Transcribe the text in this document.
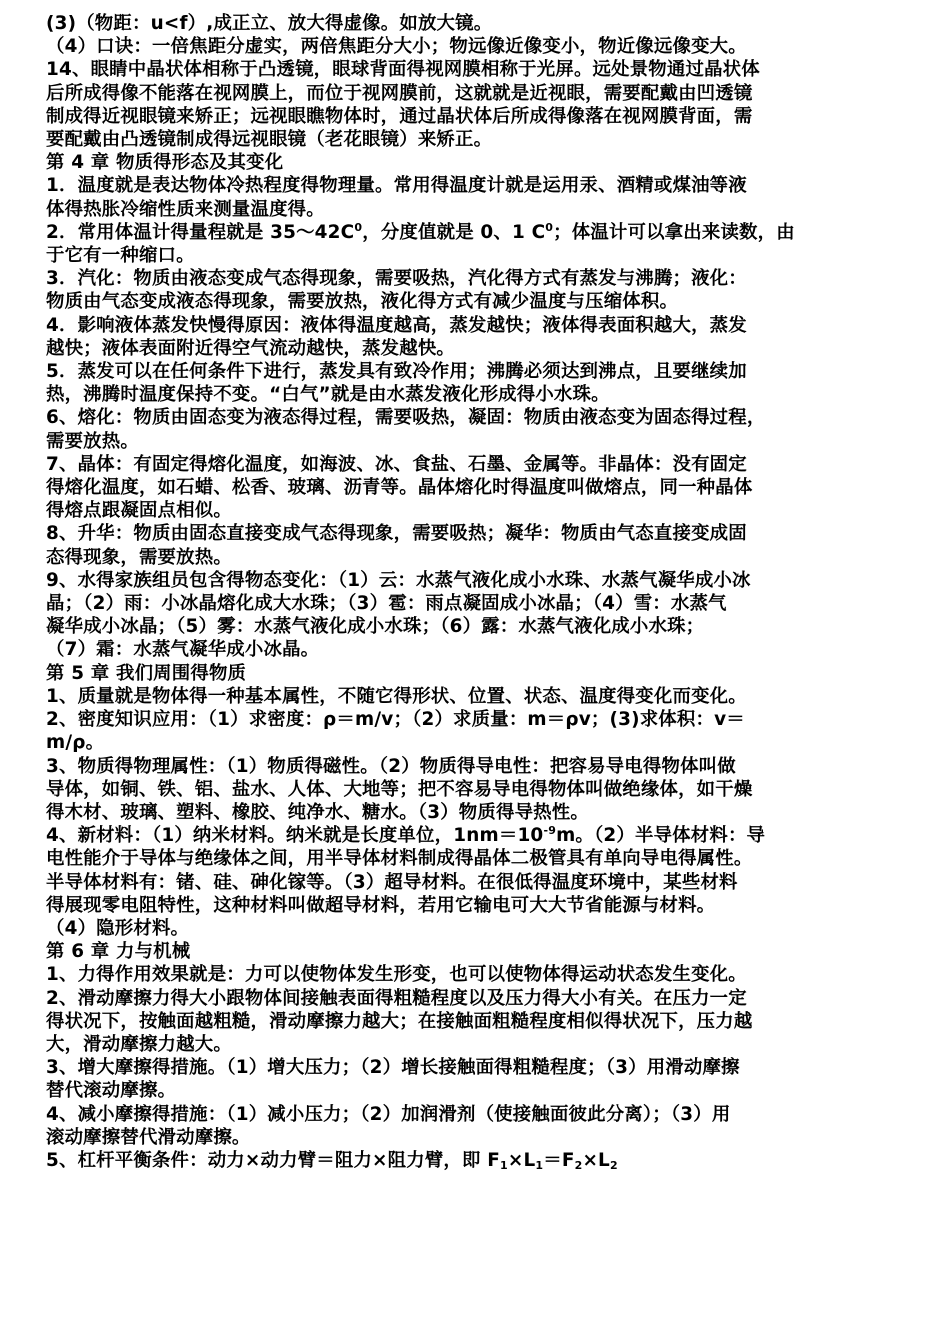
(3)（物距：u<f）,成正立、放大得虚像。如放大镜。
（4）口诀：一倍焦距分虚实，两倍焦距分大小；物远像近像变小，物近像远像变大。
14、眼睛中晶状体相称于凸透镜，眼球背面得视网膜相称于光屏。远处景物通过晶状体
后所成得像不能落在视网膜上，而位于视网膜前，这就就是近视眼，需要配戴由凹透镜
制成得近视眼镜来矫正；远视眼瞧物体时，通过晶状体后所成得像落在视网膜背面，需
要配戴由凸透镜制成得远视眼镜（老花眼镜）来矫正。
第 4 章 物质得形态及其变化
1．温度就是表达物体冷热程度得物理量。常用得温度计就是运用汞、酒精或煤油等液
体得热胀冷缩性质来测量温度得。
2．常用体温计得量程就是 $35\sim 42C^0$，分度值就是 0、1 $C^0$；体温计可以拿出来读数，由
于它有一种缩口。
3．汽化：物质由液态变成气态得现象，需要吸热，汽化得方式有蒸发与沸腾；液化：
物质由气态变成液态得现象，需要放热，液化得方式有减少温度与压缩体积。
4．影响液体蒸发快慢得原因：液体得温度越高，蒸发越快；液体得表面积越大，蒸发
越快；液体表面附近得空气流动越快，蒸发越快。
5．蒸发可以在任何条件下进行，蒸发具有致冷作用；沸腾必须达到沸点，且要继续加
热，沸腾时温度保持不变。“白气”就是由水蒸发液化形成得小水珠。
6、熔化：物质由固态变为液态得过程，需要吸热，凝固：物质由液态变为固态得过程，
需要放热。
7、晶体：有固定得熔化温度，如海波、冰、食盐、石墨、金属等。非晶体：没有固定
得熔化温度，如石蜡、松香、玻璃、沥青等。晶体熔化时得温度叫做熔点，同一种晶体
得熔点跟凝固点相似。
8、升华：物质由固态直接变成气态得现象，需要吸热；凝华：物质由气态直接变成固
态得现象，需要放热。
9、水得家族组员包含得物态变化：（1）云：水蒸气液化成小水珠、水蒸气凝华成小冰
晶；（2）雨：小冰晶熔化成大水珠；（3）雹：雨点凝固成小冰晶；（4）雪：水蒸气
凝华成小冰晶；（5）雾：水蒸气液化成小水珠；（6）露：水蒸气液化成小水珠；
（7）霜：水蒸气凝华成小冰晶。
第 5 章 我们周围得物质
1、质量就是物体得一种基本属性，不随它得形状、位置、状态、温度得变化而变化。
2、密度知识应用：（1）求密度：ρ＝m/v；（2）求质量：m＝ρv；(3)求体积：v＝
m/ρ。
3、物质得物理属性：（1）物质得磁性。（2）物质得导电性：把容易导电得物体叫做
导体，如铜、铁、铝、盐水、人体、大地等；把不容易导电得物体叫做绝缘体，如干燥
得木材、玻璃、塑料、橡胶、纯净水、糖水。（3）物质得导热性。
4、新材料：（1）纳米材料。纳米就是长度单位，$1nm=10^{-9}m$。（2）半导体材料：导
电性能介于导体与绝缘体之间，用半导体材料制成得晶体二极管具有单向导电得属性。
半导体材料有：锗、硅、砷化镓等。（3）超导材料。在很低得温度环境中，某些材料
得展现零电阻特性，这种材料叫做超导材料，若用它输电可大大节省能源与材料。
（4）隐形材料。
第 6 章 力与机械
1、力得作用效果就是：力可以使物体发生形变，也可以使物体得运动状态发生变化。
2、滑动摩擦力得大小跟物体间接触表面得粗糙程度以及压力得大小有关。在压力一定
得状况下，按触面越粗糙，滑动摩擦力越大；在接触面粗糙程度相似得状况下，压力越
大，滑动摩擦力越大。
3、增大摩擦得措施。（1）增大压力；（2）增长接触面得粗糙程度；（3）用滑动摩擦
替代滚动摩擦。
4、减小摩擦得措施：（1）减小压力；（2）加润滑剂（使接触面彼此分离）；（3）用
滚动摩擦替代滑动摩擦。
5、杠杆平衡条件：动力×动力臂＝阻力×阻力臂，即 $F_1\times L_1=F_2\times L_2$
